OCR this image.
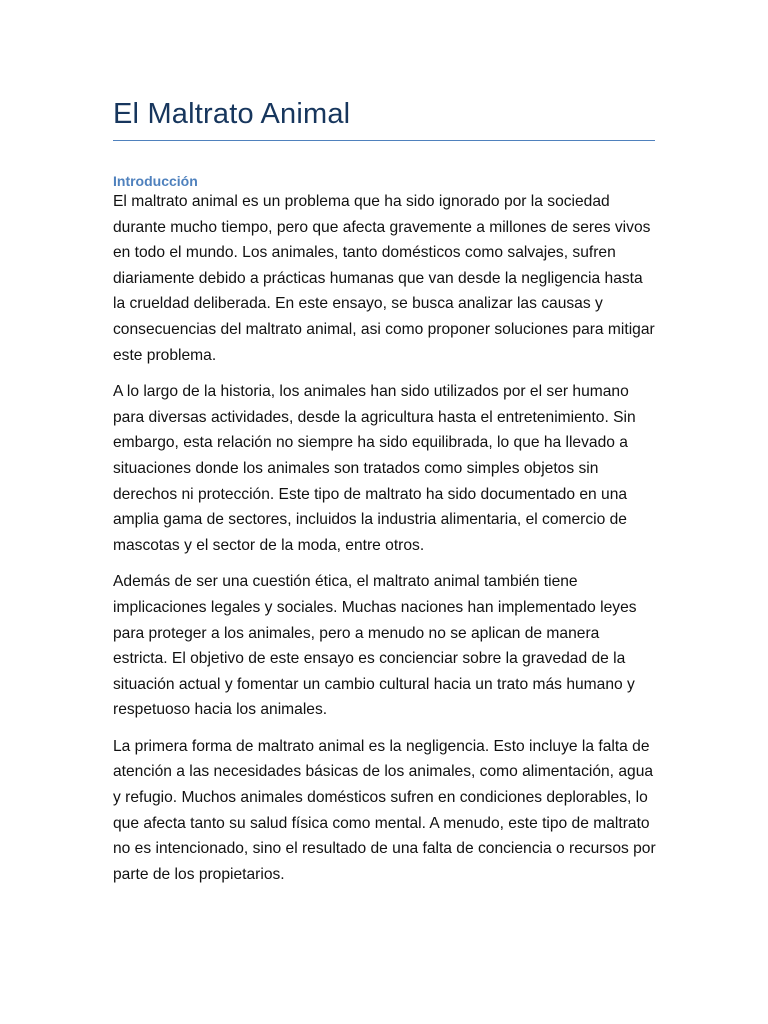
El Maltrato Animal
Introducción

El maltrato animal es un problema que ha sido ignorado por la sociedad durante mucho tiempo, pero que afecta gravemente a millones de seres vivos en todo el mundo. Los animales, tanto domésticos como salvajes, sufren diariamente debido a prácticas humanas que van desde la negligencia hasta la crueldad deliberada. En este ensayo, se busca analizar las causas y consecuencias del maltrato animal, asi como proponer soluciones para mitigar este problema.

A lo largo de la historia, los animales han sido utilizados por el ser humano para diversas actividades, desde la agricultura hasta el entretenimiento. Sin embargo, esta relación no siempre ha sido equilibrada, lo que ha llevado a situaciones donde los animales son tratados como simples objetos sin derechos ni protección. Este tipo de maltrato ha sido documentado en una amplia gama de sectores, incluidos la industria alimentaria, el comercio de mascotas y el sector de la moda, entre otros.

Además de ser una cuestión ética, el maltrato animal también tiene implicaciones legales y sociales. Muchas naciones han implementado leyes para proteger a los animales, pero a menudo no se aplican de manera estricta. El objetivo de este ensayo es concienciar sobre la gravedad de la situación actual y fomentar un cambio cultural hacia un trato más humano y respetuoso hacia los animales.

La primera forma de maltrato animal es la negligencia. Esto incluye la falta de atención a las necesidades básicas de los animales, como alimentación, agua y refugio. Muchos animales domésticos sufren en condiciones deplorables, lo que afecta tanto su salud física como mental. A menudo, este tipo de maltrato no es intencionado, sino el resultado de una falta de conciencia o recursos por parte de los propietarios.
